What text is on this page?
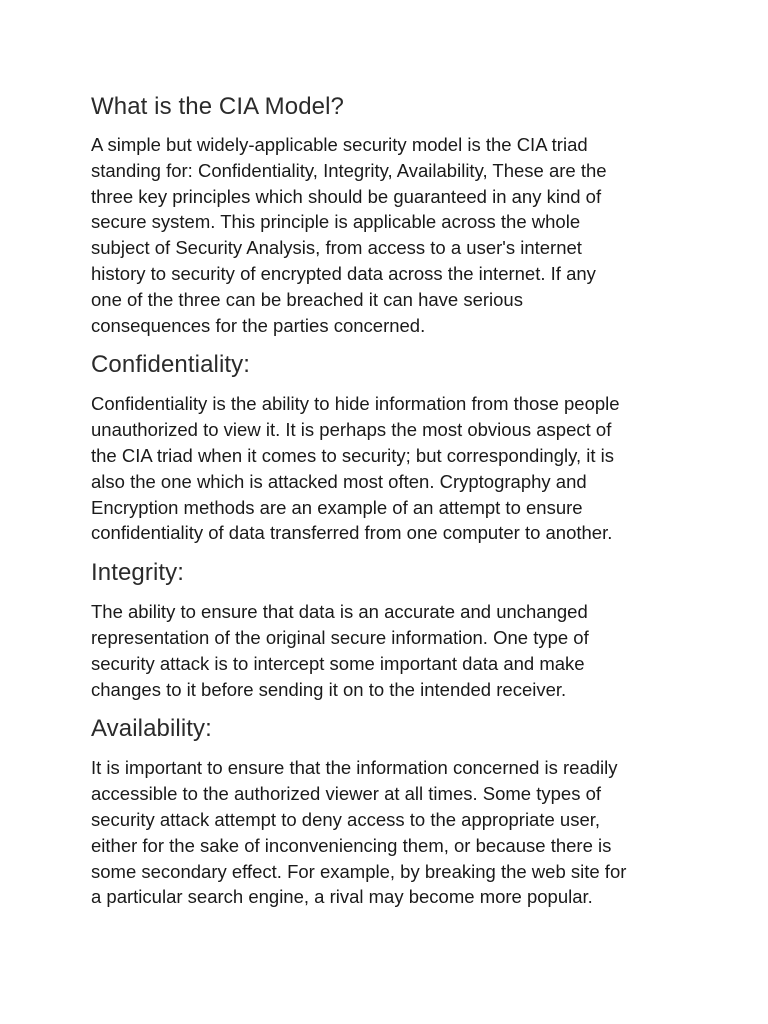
What is the CIA Model?

A simple but widely-applicable security model is the CIA triad
standing for: Confidentiality, Integrity, Availability, These are the
three key principles which should be guaranteed in any kind of
secure system. This principle is applicable across the whole
subject of Security Analysis, from access to a user's internet
history to security of encrypted data across the internet. If any
one of the three can be breached it can have serious
consequences for the parties concerned.

Confidentiality:

Confidentiality is the ability to hide information from those people
unauthorized to view it. It is perhaps the most obvious aspect of
the CIA triad when it comes to security; but correspondingly, it is
also the one which is attacked most often. Cryptography and
Encryption methods are an example of an attempt to ensure
confidentiality of data transferred from one computer to another.

Integrity:

The ability to ensure that data is an accurate and unchanged
representation of the original secure information. One type of
security attack is to intercept some important data and make
changes to it before sending it on to the intended receiver.

Availability:

It is important to ensure that the information concerned is readily
accessible to the authorized viewer at all times. Some types of
security attack attempt to deny access to the appropriate user,
either for the sake of inconveniencing them, or because there is
some secondary effect. For example, by breaking the web site for
a particular search engine, a rival may become more popular.
